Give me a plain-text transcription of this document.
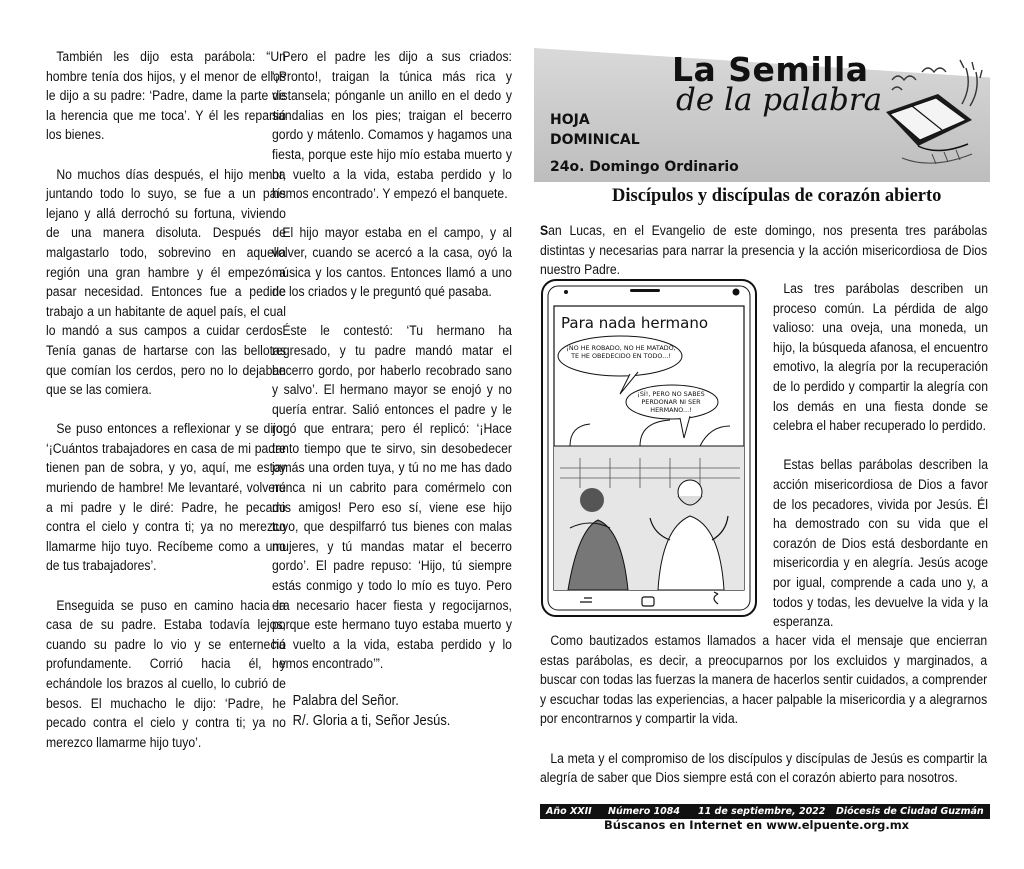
También les dijo esta parábola: “Un hombre tenía dos hijos, y el menor de ellos le dijo a su padre: ‘Padre, dame la parte de la herencia que me toca’. Y él les repartió los bienes.

No muchos días después, el hijo menor, juntando todo lo suyo, se fue a un país lejano y allá derrochó su fortuna, viviendo de una manera disoluta. Después de malgastarlo todo, sobrevino en aquella región una gran hambre y él empezó a pasar necesidad. Entonces fue a pedirle trabajo a un habitante de aquel país, el cual lo mandó a sus campos a cuidar cerdos. Tenía ganas de hartarse con las bellotas que comían los cerdos, pero no lo dejaban que se las comiera.

Se puso entonces a reflexionar y se dijo: ‘¡Cuántos trabajadores en casa de mi padre tienen pan de sobra, y yo, aquí, me estoy muriendo de hambre! Me levantaré, volveré a mi padre y le diré: Padre, he pecado contra el cielo y contra ti; ya no merezco llamarme hijo tuyo. Recíbeme como a uno de tus trabajadores’.

Enseguida se puso en camino hacia la casa de su padre. Estaba todavía lejos, cuando su padre lo vio y se enterneció profundamente. Corrió hacia él, y echándole los brazos al cuello, lo cubrió de besos. El muchacho le dijo: ‘Padre, he pecado contra el cielo y contra ti; ya no merezco llamarme hijo tuyo’.

Pero el padre les dijo a sus criados: ‘¡Pronto!, traigan la túnica más rica y vístansela; pónganle un anillo en el dedo y sandalias en los pies; traigan el becerro gordo y mátenlo. Comamos y hagamos una fiesta, porque este hijo mío estaba muerto y ha vuelto a la vida, estaba perdido y lo hemos encontrado’. Y empezó el banquete.

El hijo mayor estaba en el campo, y al volver, cuando se acercó a la casa, oyó la música y los cantos. Entonces llamó a uno de los criados y le preguntó qué pasaba.

Éste le contestó: ‘Tu hermano ha regresado, y tu padre mandó matar el becerro gordo, por haberlo recobrado sano y salvo’. El hermano mayor se enojó y no quería entrar. Salió entonces el padre y le rogó que entrara; pero él replicó: ‘¡Hace tanto tiempo que te sirvo, sin desobedecer jamás una orden tuya, y tú no me has dado nunca ni un cabrito para comérmelo con mis amigos! Pero eso sí, viene ese hijo tuyo, que despilfarró tus bienes con malas mujeres, y tú mandas matar el becerro gordo’. El padre repuso: ‘Hijo, tú siempre estás conmigo y todo lo mío es tuyo. Pero era necesario hacer fiesta y regocijarnos, porque este hermano tuyo estaba muerto y ha vuelto a la vida, estaba perdido y lo hemos encontrado’”.

Palabra del Señor.

R/. Gloria a ti, Señor Jesús.

La Semilla
de la palabra
HOJA
DOMINICAL
24o. Domingo Ordinario
Discípulos y discípulas de corazón abierto
San Lucas, en el Evangelio de este domingo, nos presenta tres parábolas distintas y necesarias para narrar la presencia y la acción misericordiosa de Dios nuestro Padre.
Para nada hermano
¡NO HE ROBADO, NO HE MATADO, TE HE OBEDECIDO EN TODO...!
¡SÍ!, PERO NO SABES PERDONAR NI SER HERMANO...!

Las tres parábolas describen un proceso común. La pérdida de algo valioso: una oveja, una moneda, un hijo, la búsqueda afanosa, el encuentro emotivo, la alegría por la recuperación de lo perdido y compartir la alegría con los demás en una fiesta donde se celebra el haber recuperado lo perdido.

Estas bellas parábolas describen la acción misericordiosa de Dios a favor de los pecadores, vivida por Jesús. Él ha demostrado con su vida que el corazón de Dios está desbordante en misericordia y en alegría. Jesús acoge por igual, comprende a cada uno y, a todos y todas, les devuelve la vida y la esperanza.

Como bautizados estamos llamados a hacer vida el mensaje que encierran estas parábolas, es decir, a preocuparnos por los excluidos y marginados, a buscar con todas las fuerzas la manera de hacerlos sentir cuidados, a comprender y escuchar todas las experiencias, a hacer palpable la misericordia y a alegrarnos por encontrarnos y compartir la vida.

La meta y el compromiso de los discípulos y discípulas de Jesús es compartir la alegría de saber que Dios siempre está con el corazón abierto para nosotros.

Año XXII Número 1084 11 de septiembre, 2022 Diócesis de Ciudad Guzmán
Búscanos en Internet en www.elpuente.org.mx
